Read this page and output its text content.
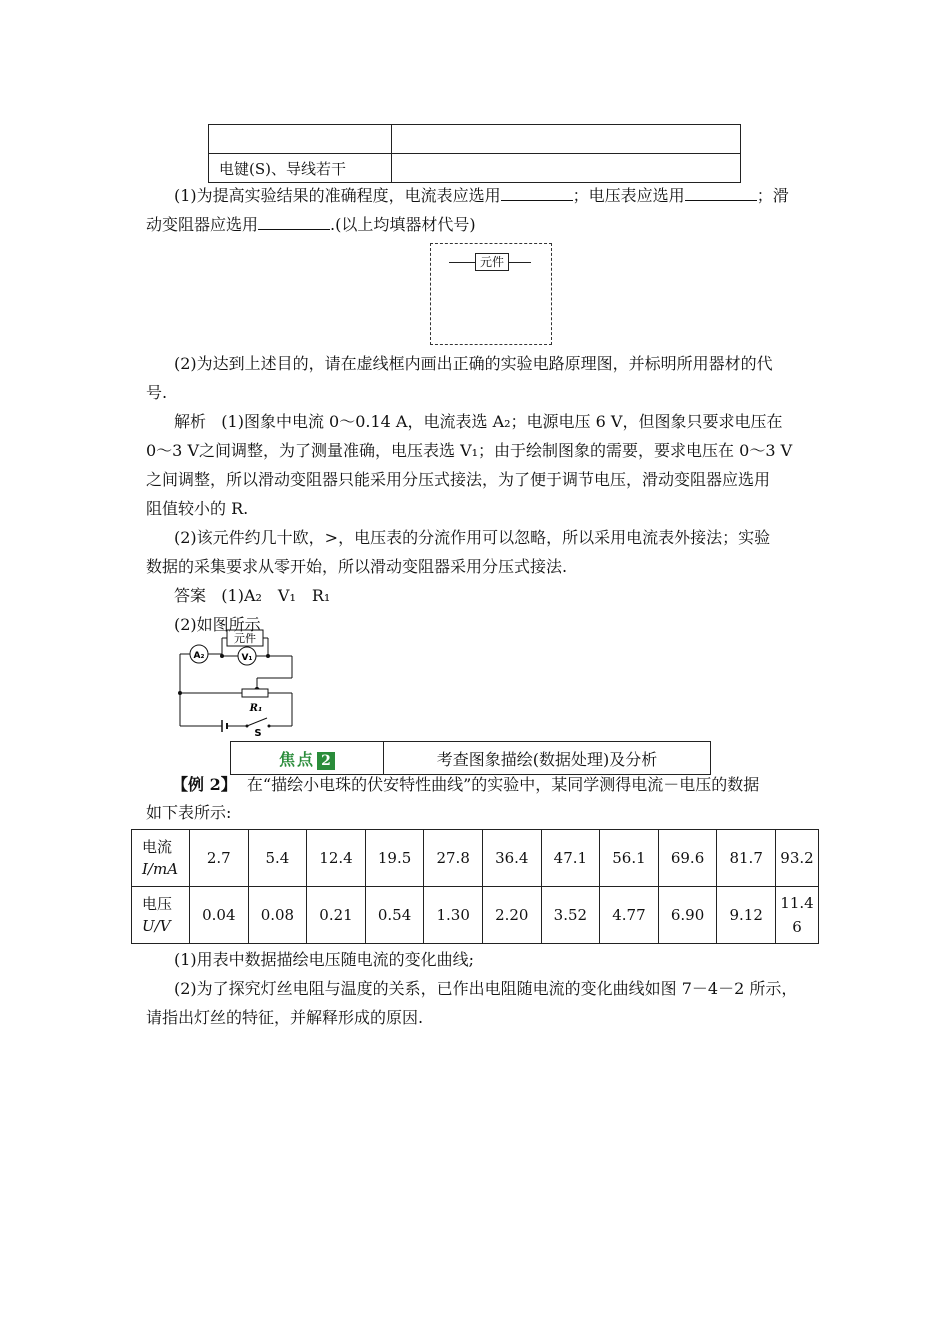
电键(S)、导线若干	
(1)为提高实验结果的准确程度，电流表应选用	；电压表应选用	；滑
动变阻器应选用	.(以上均填器材代号)
元件
(2)为达到上述目的，请在虚线框内画出正确的实验电路原理图，并标明所用器材的代
号.
解析 (1)图象中电流 0～0.14 A，电流表选 A₂；电源电压 6 V，但图象只要求电压在
0～3 V之间调整，为了测量准确，电压表选 V₁；由于绘制图象的需要，要求电压在 0～3 V
之间调整，所以滑动变阻器只能采用分压式接法，为了便于调节电压，滑动变阻器应选用
阻值较小的 R.
(2)该元件约几十欧，>，电压表的分流作用可以忽略，所以采用电流表外接法；实验
数据的采集要求从零开始，所以滑动变阻器采用分压式接法.
答案 (1)A₂　V₁　R₁
(2)如图所示
元件
A₂	V₁
R₁
S
焦点 2	考查图象描绘(数据处理)及分析
【例 2】 在“描绘小电珠的伏安特性曲线”的实验中，某同学测得电流－电压的数据
如下表所示:
电流
I/mA	2.7	5.4	12.4	19.5	27.8	36.4	47.1	56.1	69.6	81.7	93.2

电压
U/V	0.04	0.08	0.21	0.54	1.30	2.20	3.52	4.77	6.90	9.12	11.46
(1)用表中数据描绘电压随电流的变化曲线;
(2)为了探究灯丝电阻与温度的关系，已作出电阻随电流的变化曲线如图 7－4－2 所示，
请指出灯丝的特征，并解释形成的原因.
